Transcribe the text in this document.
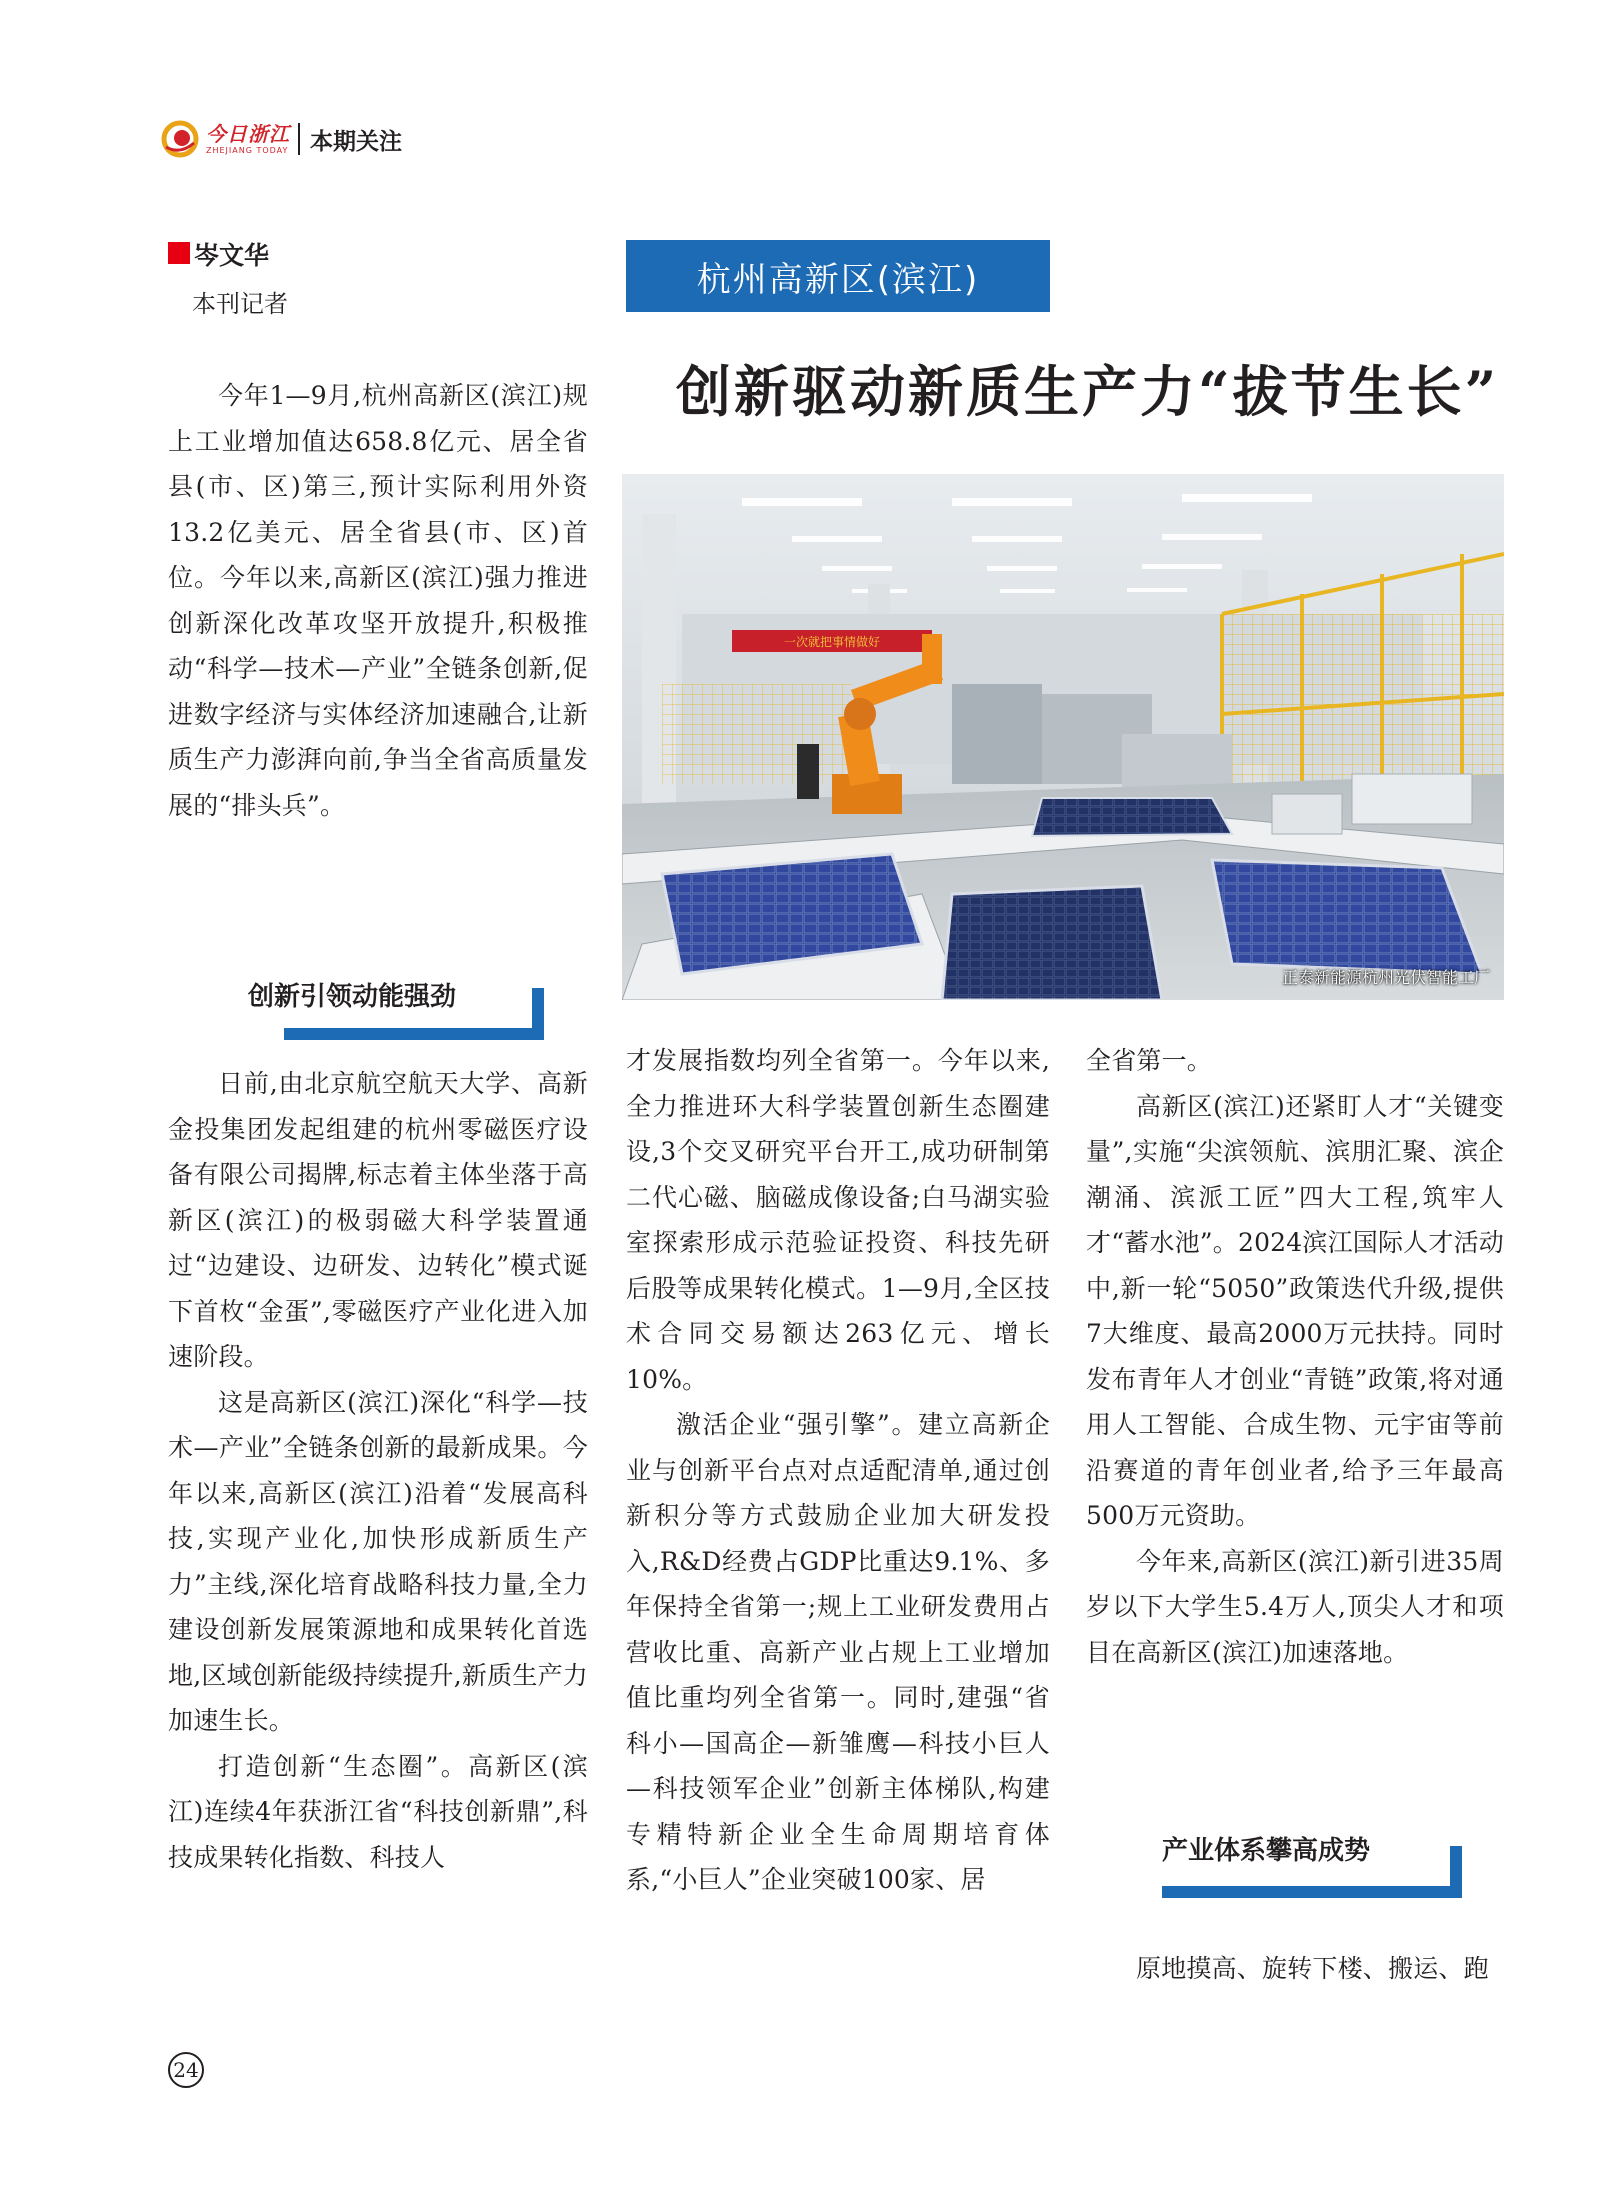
今日浙江
ZHEJIANG TODAY 本期关注
岑文华
本刊记者
杭州高新区(滨江)
创新驱动新质生产力“拔节生长”
一次就把事情做好
正泰新能源杭州光伏智能工厂

今年1—9月,杭州高新区(滨江)规上工业增加值达658.8亿元、居全省县(市、区)第三,预计实际利用外资13.2亿美元、居全省县(市、区)首位。今年以来,高新区(滨江)强力推进创新深化改革攻坚开放提升,积极推动“科学—技术—产业”全链条创新,促进数字经济与实体经济加速融合,让新质生产力澎湃向前,争当全省高质量发展的“排头兵”。

创新引领动能强劲

日前,由北京航空航天大学、高新金投集团发起组建的杭州零磁医疗设备有限公司揭牌,标志着主体坐落于高新区(滨江)的极弱磁大科学装置通过“边建设、边研发、边转化”模式诞下首枚“金蛋”,零磁医疗产业化进入加速阶段。

这是高新区(滨江)深化“科学—技术—产业”全链条创新的最新成果。今年以来,高新区(滨江)沿着“发展高科技,实现产业化,加快形成新质生产力”主线,深化培育战略科技力量,全力建设创新发展策源地和成果转化首选地,区域创新能级持续提升,新质生产力加速生长。

打造创新“生态圈”。高新区(滨江)连续4年获浙江省“科技创新鼎”,科技成果转化指数、科技人

才发展指数均列全省第一。今年以来,全力推进环大科学装置创新生态圈建设,3个交叉研究平台开工,成功研制第二代心磁、脑磁成像设备;白马湖实验室探索形成示范验证投资、科技先研后股等成果转化模式。1—9月,全区技术合同交易额达263亿元、增长10%。

激活企业“强引擎”。建立高新企业与创新平台点对点适配清单,通过创新积分等方式鼓励企业加大研发投入,R&D经费占GDP比重达9.1%、多年保持全省第一;规上工业研发费用占营收比重、高新产业占规上工业增加值比重均列全省第一。同时,建强“省科小—国高企—新雏鹰—科技小巨人—科技领军企业”创新主体梯队,构建专精特新企业全生命周期培育体系,“小巨人”企业突破100家、居

全省第一。

高新区(滨江)还紧盯人才“关键变量”,实施“尖滨领航、滨朋汇聚、滨企潮涌、滨派工匠”四大工程,筑牢人才“蓄水池”。2024滨江国际人才活动中,新一轮“5050”政策迭代升级,提供7大维度、最高2000万元扶持。同时发布青年人才创业“青链”政策,将对通用人工智能、合成生物、元宇宙等前沿赛道的青年创业者,给予三年最高500万元资助。

今年来,高新区(滨江)新引进35周岁以下大学生5.4万人,顶尖人才和项目在高新区(滨江)加速落地。

产业体系攀高成势

原地摸高、旋转下楼、搬运、跑

24
